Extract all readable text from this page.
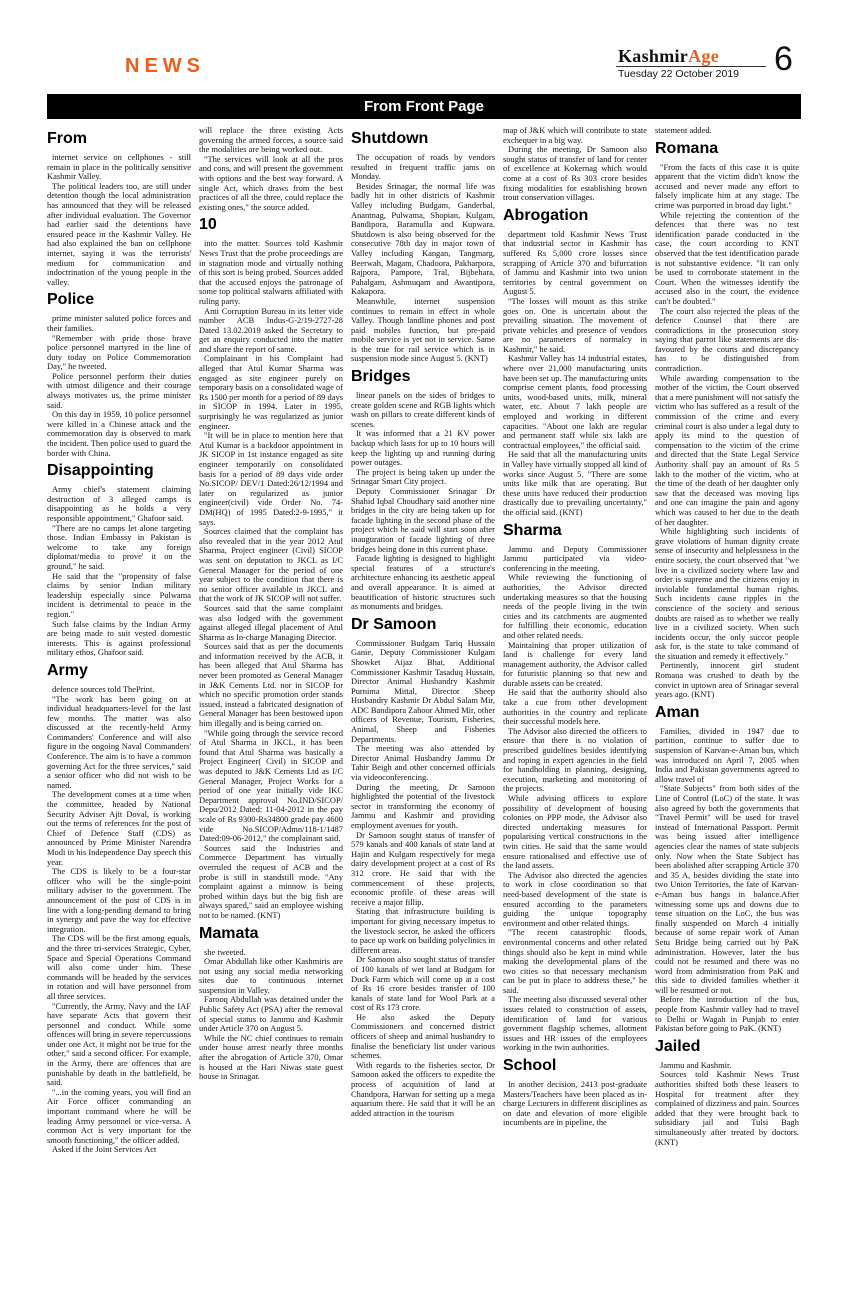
NEWS	KashmirAge
Tuesday 22 October 2019 6
From Front Page
From

internet service on cellphones - still remain in place in the politically sensitive Kashmir Valley.

The political leaders too, are still under detention though the local administration has announced that they will be released after individual evaluation. The Governor had earlier said the detentions have ensured peace in the Kashmir Valley. He had also explained the ban on cellphone internet, saying it was the terrorists' medium for communication and indoctrination of the young people in the valley.

Police

prime minister saluted police forces and their families.

"Remember with pride those brave police personnel martyred in the line of duty today on Police Commemoration Day," he tweeted.

Police personnel perform their duties with utmost diligence and their courage always motivates us, the prime minister said.

On this day in 1959, 10 police personnel were killed in a Chinese attack and the commemoration day is observed to mark the incident. Then police used to guard the border with China.

Disappointing

Army chief's statement claiming destruction of 3 alleged camps is disappointing as he holds a very responsible appointment," Ghafoor said.

"There are no camps let alone targeting those. Indian Embassy in Pakistan is welcome to take any foreign diplomat/media to prove' it on the ground," he said.

He said that the "propensity of false claims by senior Indian military leadership especially since Pulwama incident is detrimental to peace in the region."

Such false claims by the Indian Army are being made to suit vested domestic interests. This is against professional military ethos, Ghafoor said.

Army

defence sources told ThePrint.

"The work has been going on at individual headquarters-level for the last few months. The matter was also discussed at the recently-held Army Commanders' Conference and will also figure in the ongoing Naval Commanders' Conference. The aim is to have a common governing Act for the three services," said a senior officer who did not wish to be named.

The development comes at a time when the committee, headed by National Security Adviser Ajit Doval, is working out the terms of references for the post of Chief of Defence Staff (CDS) as announced by Prime Minister Narendra Modi in his Independence Day speech this year.

The CDS is likely to be a four-star officer who will be the single-point military adviser to the government. The announcement of the post of CDS is in line with a long-pending demand to bring in synergy and pave the way for effective integration.

The CDS will be the first among equals, and the three tri-services Strategic, Cyber, Space and Special Operations Command will also come under him. These commands will be headed by the services in rotation and will have personnel from all three services.

"Currently, the Army, Navy and the IAF have separate Acts that govern their personnel and conduct. While some offences will bring in severe repercussions under one Act, it might not be true for the other," said a second officer. For example, in the Army, there are offences that are punishable by death in the battlefield, he said.

"...in the coming years, you will find an Air Force officer commanding an important command where he will be leading Army personnel or vice-versa. A common Act is very important for the smooth functioning," the officer added.

Asked if the Joint Services Act

will replace the three existing Acts governing the armed forces, a source said the modalities are being worked out.

"The services will look at all the pros and cons, and will present the government with options and the best way forward. A single Act, which draws from the best practices of all the three, could replace the existing ones," the source added.

10

into the matter. Sources told Kashmir News Trust that the probe proceedings are in stagnation mode and virtually nothing of this sort is being probed. Sources added that the accused enjoys the patronage of some top political stalwarts affiliated with ruling party.

Anti Corruption Bureau in its letter vide number ACB Indus-G-2/19-2727-28 Dated 13.02.2019 asked the Secretary to get an enquiry conducted into the matter and share the report of same.

Complainant in his Complaint had alleged that Atul Kumar Sharma was engaged as site engineer purely on temporary basis on a consolidated wage of Rs 1500 per month for a period of 89 days in SICOP in 1994. Later in 1995, surprisingly he was regularized as junior engineer.

"It will be in place to mention here that Atul Kumar is a backdoor appointment in JK SICOP in 1st instance engaged as site engineer temporarily on consolidated basis for a period of 89 days vide order No.SICOP/ DEV/1 Dated:26/12/1994 and later on regularized as junior engineer(civil) vide Order No. 74-DM(HQ) of 1995 Dated:2-9-1995," it says.

Sources claimed that the complaint has also revealed that in the year 2012 Atul Sharma, Project engineer (Civil) SICOP was sent on deputation to JKCL as I/C General Manager for the period of one year subject to the condition that there is no senior officer available in JKCL and that the work of JK SICOP will not suffer.

Sources said that the same complaint was also lodged with the government against alleged illegal placement of Atul Sharma as In-charge Managing Director.

Sources said that as per the documents and information received by the ACB, it has been alleged that Atul Sharma has never been promoted as General Manager in J&K Cements Ltd. nor in SICOP for which no specific promotion order stands issued, instead a fabricated designation of General Manager has been bestowed upon him illegally and is being carried on.

"While going through the service record of Atul Sharma in JKCL, it has been found that Atul Sharma was basically a Project Engineer( Civil) in SICOP and was deputed to J&K Cements Ltd as I/C General Manager, Project Works for a period of one year initially vide IKC Department approval No.IND/SICOP/ Depu/2012 Dated: 11-04-2012 in the pay scale of Rs 9300-Rs34800 grade pay 4600 vide No.SICOP/Admn/118-1/1487 Dated:09-06-2012," the complainant said.

Sources said the Industries and Commerce Department has virtually overruled the request of ACB and the probe is still in standstill mode. "Any complaint against a minnow is being probed within days but the big fish are always spared," said an employee wishing not to be named. (KNT)

Mamata

she tweeted.

Omar Abdullah like other Kashmiris are not using any social media networking sites due to continuous internet suspension in Valley.

Farooq Abdullah was detained under the Public Safety Act (PSA) after the removal of special status to Jammu and Kashmir under Article 370 on August 5.

While the NC chief continues to remain under house arrest nearly three months after the abrogation of Article 370, Omar is housed at the Hari Niwas state guest house in Srinagar.

Shutdown

The occupation of roads by vendors resulted in frequent traffic jams on Monday.

Besides Srinagar, the normal life was badly hit in other districts of Kashmir Valley including Budgam, Ganderbal, Anantnag, Pulwama, Shopian, Kulgam, Bandipora, Baramulla and Kupwara. Shutdown is also being observed for the consecutive 78th day in major town of Valley including Kangan, Tangmarg, Beerwah, Magam, Chadoora, Pakharpora, Rajpora, Pampore, Tral, Bijbehara, Pahalgam, Ashmuqam and Awantipora, Kakapora.

Meanwhile, internet suspension continues to remain in effect in whole Valley. Though landline phones and post paid mobiles function, but pre-paid mobile service is yet not in service. Same is the true for rail service which is in suspension mode since August 5. (KNT)

Bridges

linear panels on the sides of bridges to create golden scene and RGB lights which wash on pillars to create different kinds of scenes.

It was informed that a 21 KV power backup which lasts for up to 10 hours will keep the lighting up and running during power outages.

The project is being taken up under the Srinagar Smart City project.

Deputy Commissioner Srinagar Dr Shahid Iqbal Choudhary said another nine bridges in the city are being taken up for facade lighting in the second phase of the project which he said will start soon after inauguration of facade lighting of three bridges being done in this current phase.

Facade lighting is designed to highlight special features of a structure's architecture enhancing its aesthetic appeal and overall appearance. It is aimed at beautification of historic structures such as monuments and bridges.

Dr Samoon

Commissioner Budgam Tariq Hussain Ganie, Deputy Commissioner Kulgam Showket Aijaz Bhat, Additional Commissioner Kashmir Tasaduq Hussain, Director Animal Husbandry Kashmir Purnima Mittal, Director Sheep Husbandry Kashmir Dr Abdul Salam Mir, ADC Bandipora Zahoor Ahmed Mir, other officers of Revenue, Tourism, Fisheries, Animal, Sheep and Fisheries Departments.

The meeting was also attended by Director Animal Husbandry Jammu Dr Tahir Beigh and other concerned officials via videoconferencing.

During the meeting, Dr Samoon highlighted the potential of the livestock sector in transforming the economy of Jammu and Kashmir and providing employment avenues for youth.

Dr Samoon sought status of transfer of 579 kanals and 400 kanals of state land at Hajin and Kulgam respectively for mega dairy development project at a cost of Rs 312 crore. He said that with the commencement of these projects, economic profile of these areas will receive a major fillip.

Stating that infrastructure building is important for giving necessary impetus to the livestock sector, he asked the officers to pace up work on building polyclinics in different areas.

Dr Samoon also sought status of transfer of 100 kanals of wet land at Budgam for Duck Farm which will come up at a cost of Rs 16 crore besides transfer of 100 kanals of state land for Wool Park at a cost of Rs 173 crore.

He also asked the Deputy Commissioners and concerned district officers of sheep and animal husbandry to finalise the beneficiary list under various schemes.

With regards to the fisheries sector, Dr Samoon asked the officers to expedite the process of acquisition of land at Chandpora, Harwan for setting up a mega aquarium there. He said that it will be an added attraction in the tourism

map of J&K which will contribute to state exchequer in a big way.

During the meeting, Dr Samoon also sought status of transfer of land for center of excellence at Kokernag which would come at a cost of Rs 303 crore besides fixing modalities for establishing brown trout conservation villages.

Abrogation

department told Kashmir News Trust that industrial sector in Kashmir has suffered Rs 5,000 crore losses since scrapping of Article 370 and bifurcation of Jammu and Kashmir into two union territories by central government on August 5.

"The losses will mount as this strike goes on. One is uncertain about the prevailing situation. The movement of private vehicles and presence of vendors are no parameters of normalcy in Kashmir," he said.

Kashmir Valley has 14 industrial estates, where over 21,000 manufacturing units have been set up. The manufacturing units comprise cement plants, food processing units, wood-based units, milk, mineral water, etc. About 7 lakh people are employed and working in different capacities. "About one lakh are regular and permanent staff while six lakh are contractual employees," the official said.

He said that all the manufacturing units in Valley have virtually stopped all kind of works since August 5. "There are some units like milk that are operating. But these units have reduced their production drastically due to prevailing uncertainty," the official said. (KNT)

Sharma

Jammu and Deputy Commissioner Jammu participated via video-conferencing in the meeting.

While reviewing the functioning of authorities, the Advisor directed undertaking measures so that the housing needs of the people living in the twin cities and its catchments are augmented for fulfilling their economic, education and other related needs.

Maintaining that proper utilization of land is challenge for every land management authority, the Advisor called for futuristic planning so that new and durable assets can be created.

He said that the authority should also take a cue from other development authorities in the country and replicate their successful models here.

The Advisor also directed the officers to ensure that there is no violation of prescribed guidelines besides identifying and roping in expert agencies in the field for handholding in planning, designing, execution, marketing and monitoring of the projects.

While advising officers to explore possibility of development of housing colonies on PPP mode, the Advisor also directed undertaking measures for popularising vertical constructions in the twin cities. He said that the same would ensure rationalised and effective use of the land assets.

The Advisor also directed the agencies to work in close coordination so that need-based development of the state is ensured according to the parameters guiding the unique topography environment and other related things.

"The recent catastrophic floods, environmental concerns and other related things should also be kept in mind while making the developmental plans of the two cities so that necessary mechanism can be put in place to address these," he said.

The meeting also discussed several other issues related to construction of assets, identification of land for various government flagship schemes, allotment issues and HR issues of the employees working in the twin authorities.

School

In another decision, 2413 post-graduate Masters/Teachers have been placed as in-charge Lecturers in different disciplines as on date and elevation of more eligible incumbents are in pipeline, the

statement added.

Romana

"From the facts of this case it is quite apparent that the victim didn't know the accused and never made any effort to falsely implicate him at any stage. The crime was purported in broad day light."

While rejecting the contention of the defences that there was no test identification parade conducted in the case, the court according to KNT observed that the test identification parade is not substantive evidence. "It can only be used to corroborate statement in the Court. When the witnesses identify the accused also in the court, the evidence can't be doubted."

The court also rejected the pleas of the defence Counsel that there are contradictions in the prosecution story saying that parrot like statements are dis-favoured by the courts and discrepancy has to be distinguished from contradiction.

While awarding compensation to the mother of the victim, the Court observed that a mere punishment will not satisfy the victim who has suffered as a result of the commission of the crime and every criminal court is also under a legal duty to apply its mind to the question of compensation to the victim of the crime and directed that the State Legal Service Authority shall pay an amount of Rs 5 lakh to the mother of the victim, who at the time of the death of her daughter only saw that the deceased was moving lips and one can imagine the pain and agony which was caused to her due to the death of her daughter.

While highlighting such incidents of grave violations of human dignity create sense of insecurity and helplessness in the entire society, the court observed that "we live in a civilized society where law and order is supreme and the citizens enjoy in inviolable fundamental human rights. Such incidents cause ripples in the conscience of the society and serious doubts are raised as to whether we really live in a civilized society. When such incidents occur, the only succor people ask for, is the state to take command of the situation and remedy it effectively."

Pertinently, innocent girl student Romana was crushed to death by the convict in uptown area of Srinagar several years ago. (KNT)

Aman

Families, divided in 1947 due to partition, continue to suffer due to suspension of Karvan-e-Aman bus, which was introduced on April 7, 2005 when India and Pakistan governments agreed to allow travel of

"State Subjects" from both sides of the Line of Control (LoC) of the state. It was also agreed by both the governments that "Travel Permit" will be used for travel instead of International Passport. Permit was being issued after intelligence agencies clear the names of state subjects only. Now when the State Subject has been abolished after scrapping Article 370 and 35 A, besides dividing the state into two Union Territories, the fate of Karvan-e-Aman bus hangs in balance.After witnessing some ups and downs due to tense situation on the LoC, the bus was finally suspended on March 4 initially because of some repair work of Aman Setu Bridge being carried out by PaK administration. However, later the bus could not be resumed and there was no word from administration from PaK and this side to divided families whether it will be resumed or not.

Before the introduction of the bus, people from Kashmir valley had to travel to Delhi or Wagah in Punjab to enter Pakistan before going to PaK. (KNT)

Jailed

Jammu and Kashmir.

Sources told Kashmir News Trust authorities shifted both these leasers to Hospital for treatment after they complained of dizziness and pain. Sources added that they were brought back to subsidiary jail and Tulsi Bagh simultaneously after treated by doctors. (KNT)
